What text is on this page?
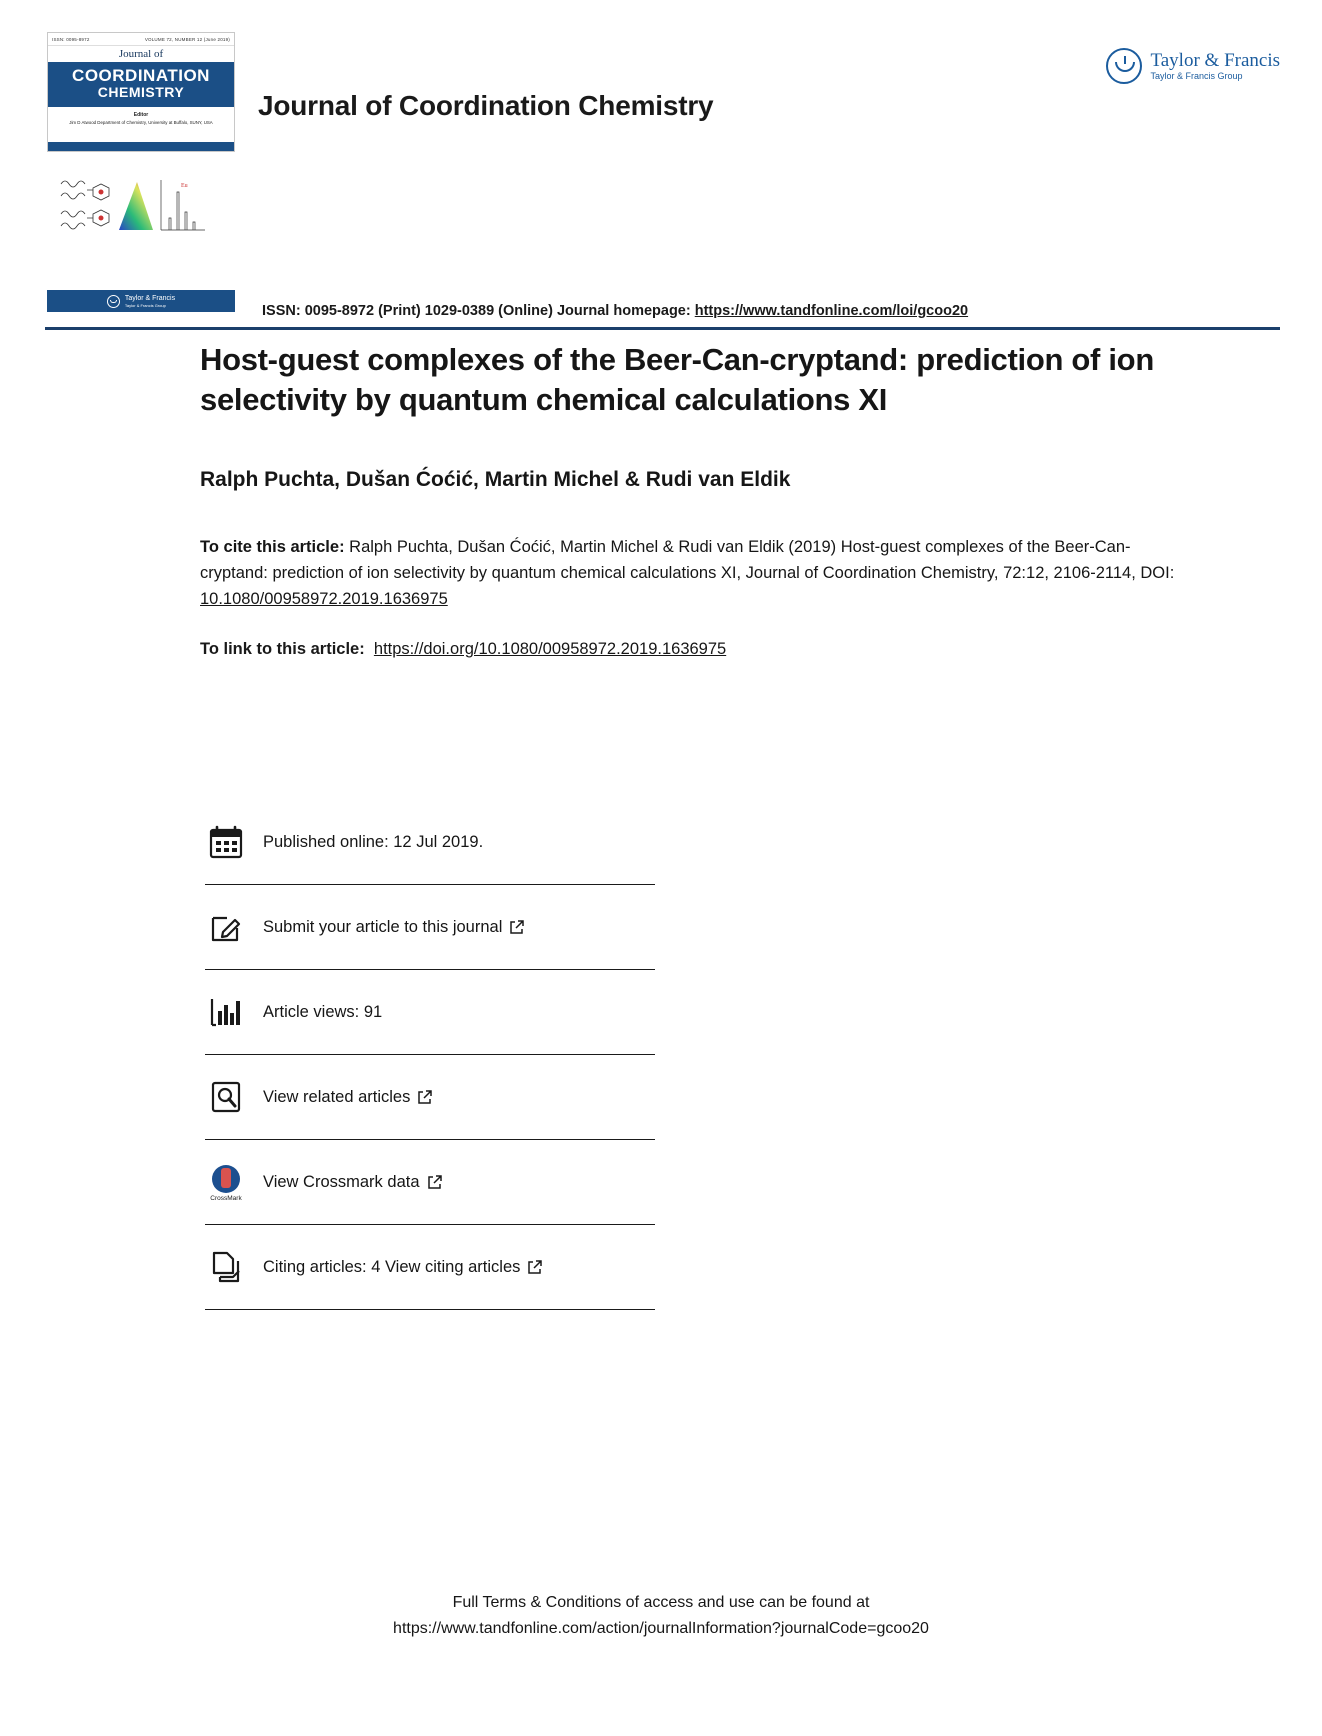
ISSN: 0095-8972	VOLUME 72, NUMBER 12 (June 2019)
Journal of
COORDINATION
CHEMISTRY
Editor
Jim D Atwood Department of Chemistry, University at Buffalo, SUNY, USA
Journal of Coordination Chemistry
Taylor & Francis
Taylor & Francis Group
Eu
Taylor & Francis
Taylor & Francis Group	ISSN: 0095-8972 (Print) 1029-0389 (Online) Journal homepage: https://www.tandfonline.com/loi/gcoo20
Host-guest complexes of the Beer-Can-cryptand: prediction of ion selectivity by quantum chemical calculations XI
Ralph Puchta, Dušan Ćoćić, Martin Michel & Rudi van Eldik
To cite this article: Ralph Puchta, Dušan Ćoćić, Martin Michel & Rudi van Eldik (2019) Host-guest complexes of the Beer-Can-cryptand: prediction of ion selectivity by quantum chemical calculations XI, Journal of Coordination Chemistry, 72:12, 2106-2114, DOI: 10.1080/00958972.2019.1636975
To link to this article: https://doi.org/10.1080/00958972.2019.1636975
Published online: 12 Jul 2019.
Submit your article to this journal
Article views: 91
View related articles
CrossMark
View Crossmark data
Citing articles: 4 View citing articles
Full Terms & Conditions of access and use can be found at
https://www.tandfonline.com/action/journalInformation?journalCode=gcoo20
